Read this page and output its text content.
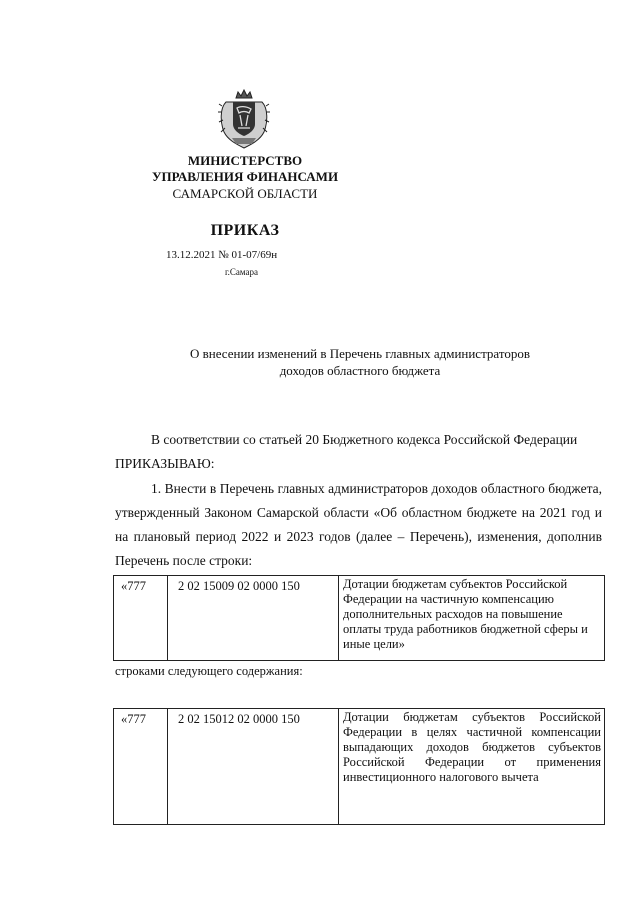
МИНИСТЕРСТВО
УПРАВЛЕНИЯ ФИНАНСАМИ
САМАРСКОЙ ОБЛАСТИ
ПРИКАЗ
13.12.2021 № 01-07/69н
г.Самара
О внесении изменений в Перечень главных администраторов
доходов областного бюджета
В соответствии со статьей 20 Бюджетного кодекса Российской Федерации
ПРИКАЗЫВАЮ:
1. Внести в Перечень главных администраторов доходов областного бюджета, утвержденный Законом Самарской области «Об областном бюджете на 2021 год и на плановый период 2022 и 2023 годов (далее – Перечень), изменения, дополнив Перечень после строки:
«777	2 02 15009 02 0000 150	Дотации бюджетам субъектов Российской Федерации на частичную компенсацию дополнительных расходов на повышение оплаты труда работников бюджетной сферы и иные цели»
строками следующего содержания:
«777	2 02 15012 02 0000 150	Дотации бюджетам субъектов Российской Федерации в целях частичной компенсации выпадающих доходов бюджетов субъектов Российской Федерации от применения инвестиционного налогового вычета
